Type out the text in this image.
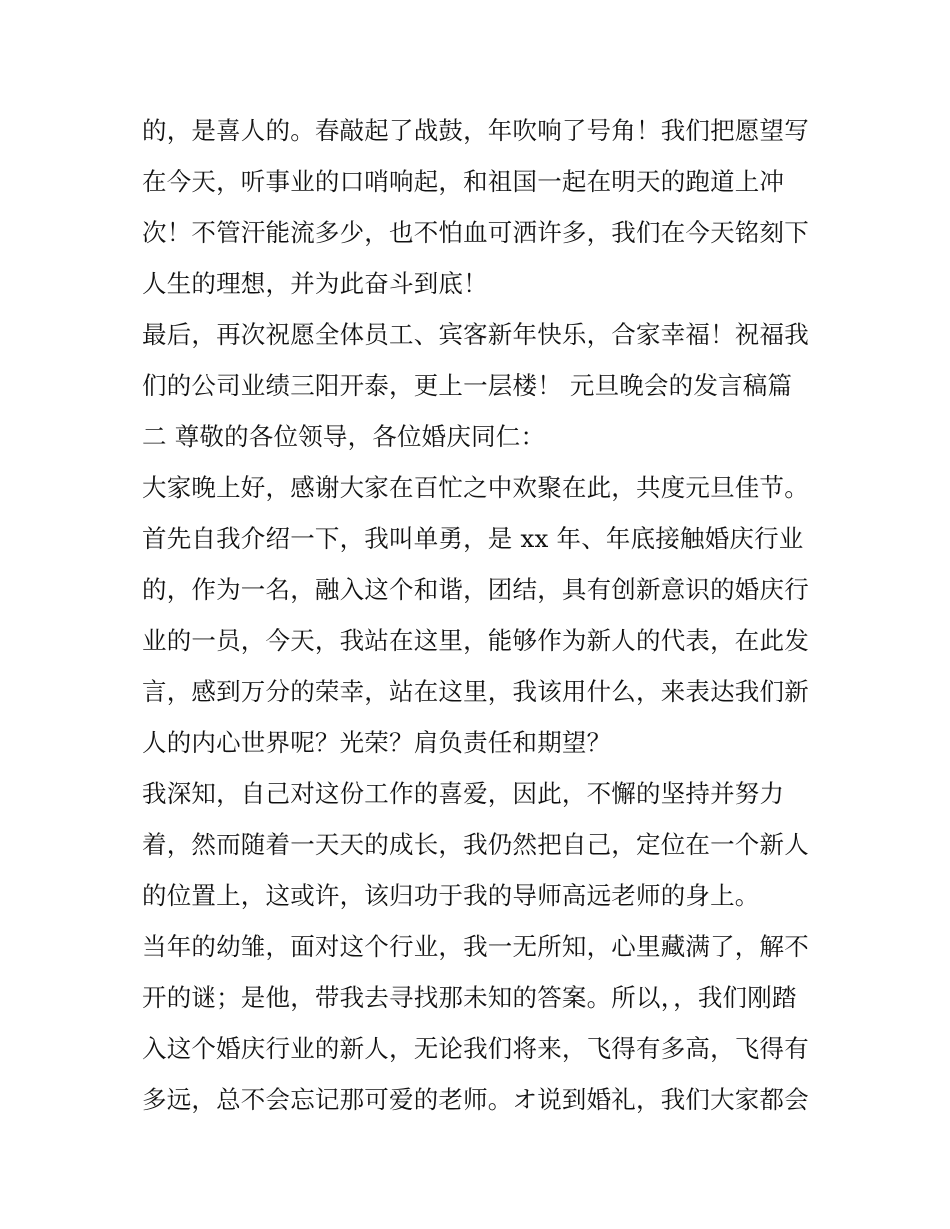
的，是喜人的。春敲起了战鼓，年吹响了号角！我们把愿望写
在今天，听事业的口哨响起，和祖国一起在明天的跑道上冲
次！不管汗能流多少，也不怕血可洒许多，我们在今天铭刻下
人生的理想，并为此奋斗到底！
最后，再次祝愿全体员工、宾客新年快乐，合家幸福！祝福我
们的公司业绩三阳开泰，更上一层楼！ 元旦晚会的发言稿篇
二 尊敬的各位领导，各位婚庆同仁：
大家晚上好，感谢大家在百忙之中欢聚在此，共度元旦佳节。
首先自我介绍一下，我叫单勇，是 xx 年、年底接触婚庆行业
的，作为一名，融入这个和谐，团结，具有创新意识的婚庆行
业的一员，今天，我站在这里，能够作为新人的代表，在此发
言，感到万分的荣幸，站在这里，我该用什么，来表达我们新
人的内心世界呢？光荣？肩负责任和期望？
我深知，自己对这份工作的喜爱，因此，不懈的坚持并努力
着，然而随着一天天的成长，我仍然把自己，定位在一个新人
的位置上，这或许，该归功于我的导师高远老师的身上。
当年的幼雏，面对这个行业，我一无所知，心里藏满了，解不
开的谜；是他，带我去寻找那未知的答案。所以，，我们刚踏
入这个婚庆行业的新人，无论我们将来，飞得有多高，飞得有
多远，总不会忘记那可爱的老师。オ说到婚礼，我们大家都会
